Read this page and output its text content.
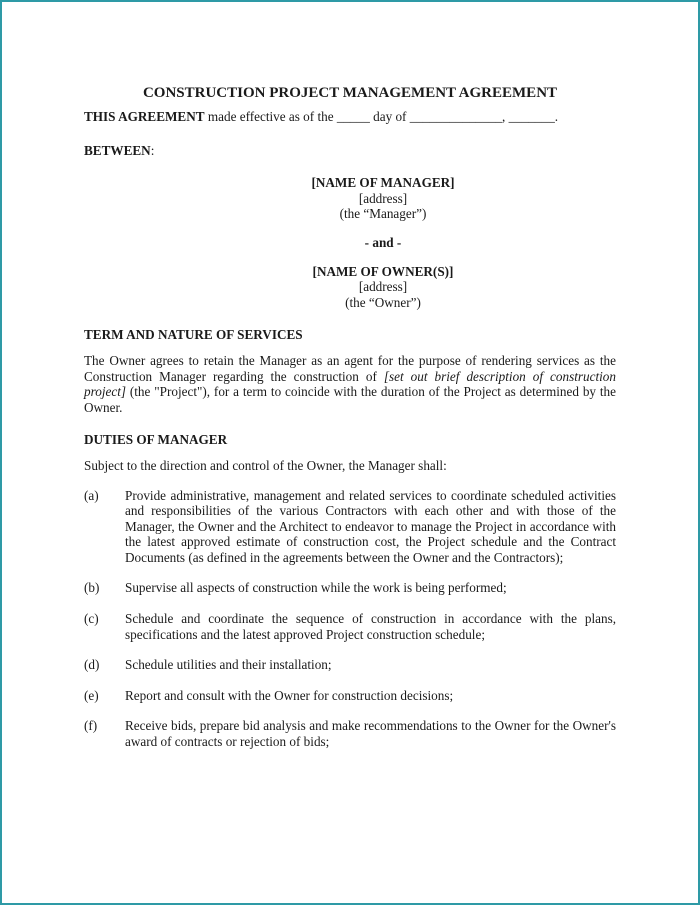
CONSTRUCTION PROJECT MANAGEMENT AGREEMENT

THIS AGREEMENT made effective as of the _____ day of ______________, _______.

BETWEEN:

[NAME OF MANAGER]
[address]
(the “Manager”)
- and -
[NAME OF OWNER(S)]
[address]
(the “Owner”)
TERM AND NATURE OF SERVICES

The Owner agrees to retain the Manager as an agent for the purpose of rendering services as the Construction Manager regarding the construction of [set out brief description of construction project] (the "Project"), for a term to coincide with the duration of the Project as determined by the Owner.

DUTIES OF MANAGER

Subject to the direction and control of the Owner, the Manager shall:

(a)	Provide administrative, management and related services to coordinate scheduled activities and responsibilities of the various Contractors with each other and with those of the Manager, the Owner and the Architect to endeavor to manage the Project in accordance with the latest approved estimate of construction cost, the Project schedule and the Contract Documents (as defined in the agreements between the Owner and the Contractors);
(b)	Supervise all aspects of construction while the work is being performed;
(c)	Schedule and coordinate the sequence of construction in accordance with the plans, specifications and the latest approved Project construction schedule;
(d)	Schedule utilities and their installation;
(e)	Report and consult with the Owner for construction decisions;
(f)	Receive bids, prepare bid analysis and make recommendations to the Owner for the Owner's award of contracts or rejection of bids;
